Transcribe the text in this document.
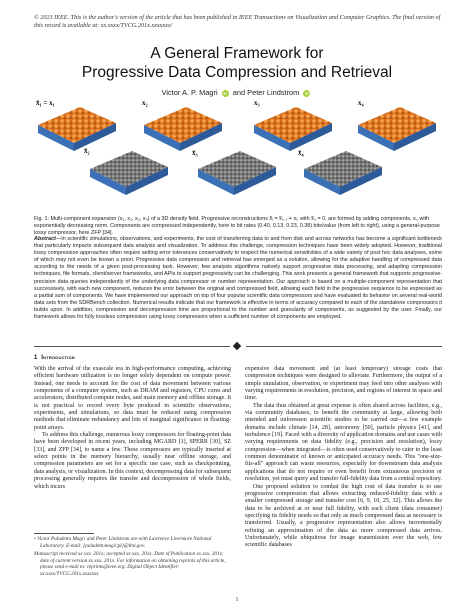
© 2023 IEEE. This is the author's version of the article that has been published in IEEE Transactions on Visualization and Computer Graphics. The final version of this record is available at: xx.xxxx/TVCG.201x.xxxxxxx/
A General Framework for
Progressive Data Compression and Retrieval
Victor A. P. Magri iD and Peter Lindstrom iD
x̃₁ = x₁	x₂	x₃	x₄
x̃₂	x̃₃	x̃₄
Fig. 1: Multi-component expansion (x₁, x₂, x₃, x₄) of a 3D density field. Progressive reconstructions x̃ᵢ = x̃ᵢ₋₁ + xᵢ, with x̃₀ = 0, are formed by adding components, xᵢ, with exponentially decreasing norm. Components are compressed independently, here to bit rates (0.40, 0.13, 0.23, 0.38) bits/value (from left to right), using a general-purpose lossy compressor, here ZFP [34].
Abstract—In scientific simulations, observations, and experiments, the cost of transferring data to and from disk and across networks has become a significant bottleneck that particularly impacts subsequent data analysis and visualization. To address this challenge, compression techniques have been widely adopted. However, traditional lossy compression approaches often require setting error tolerances conservatively to respect the numerical sensitivities of a wide variety of post hoc data analyses, some of which may not even be known a priori. Progressive data compression and retrieval has emerged as a solution, allowing for the adaptive handling of compressed data according to the needs of a given post-processing task. However, few analysis algorithms natively support progressive data processing, and adapting compression techniques, file formats, client/server frameworks, and APIs to support progressivity can be challenging. This work presents a general framework that supports progressive-precision data queries independently of the underlying data compressor or number representation. Our approach is based on a multiple-component representation that successively, with each new component, reduces the error between the original and compressed field, allowing each field in the progressive sequence to be expressed as a partial sum of components. We have implemented our approach on top of four popular scientific data compressors and have evaluated its behavior on several real-world data sets from the SDRBench collection. Numerical results indicate that our framework is effective in terms of accuracy compared to each of the standalone compressors it builds upon. In addition, compression and decompression time are proportional to the number and granularity of components, as suggested by the user. Finally, our framework allows for fully lossless compression using lossy compressors when a sufficient number of components are employed.
1 Introduction

With the arrival of the exascale era in high-performance computing, achieving efficient hardware utilization is no longer solely dependent on compute power. Instead, one needs to account for the cost of data movement between various components of a computer system, such as DRAM and registers, CPU cores and accelerators, distributed compute nodes, and main memory and offline storage. It is not practical to record every byte produced in scientific observations, experiments, and simulations, so data must be reduced using compression methods that eliminate redundancy and bits of marginal significance in floating-point arrays.

To address this challenge, numerous lossy compressors for floating-point data have been developed in recent years, including MGARD [1], SPERR [30], SZ [33], and ZFP [34], to name a few. These compressors are typically inserted at select points in the memory hierarchy, usually near offline storage, and compression parameters are set for a specific use case, such as checkpointing, data analysis, or visualization. In this context, decompressing data for subsequent processing generally requires the transfer and decompression of whole fields, which incurs

• Victor Paludetto Magri and Peter Lindstrom are with Lawrence Livermore National Laboratory. E-mail: {paludettomag1|pl}@llnl.gov.
Manuscript received xx xxx. 201x; accepted xx xxx. 201x. Date of Publication xx xxx. 201x; date of current version xx xxx. 201x. For information on obtaining reprints of this article, please send e-mail to: reprints@ieee.org. Digital Object Identifier: xx.xxxx/TVCG.201x.xxxxxxx

expensive data movement and (at least temporary) storage costs that compression techniques were designed to alleviate. Furthermore, the output of a simple simulation, observation, or experiment may feed into other analyses with varying requirements in resolution, precision, and regions of interest in space and time.

The data thus obtained at great expense is often shared across facilities, e.g., via community databases, to benefit the community at large, allowing both intended and unforeseen scientific studies to be carried out—a few example domains include climate [14, 28], astronomy [50], particle physics [41], and turbulence [19]. Faced with a diversity of application domains and use cases with varying requirements on data fidelity (e.g., precision and resolution), lossy compression—when integrated—is often used conservatively to cater to the least common denominator of known or anticipated accuracy needs. This "one-size-fits-all" approach can waste resources, especially for downstream data analysis applications that do not require or even benefit from extraneous precision or resolution, yet must query and transfer full-fidelity data from a central repository.

One proposed solution to combat the high cost of data transfer is to use progressive compression that allows extracting reduced-fidelity data with a smaller compressed storage and transfer cost [6, 9, 10, 25, 32]. This allows the data to be archived at or near full fidelity, with each client (data consumer) specifying its fidelity needs so that only as much compressed data as necessary is transferred. Usually, a progressive representation also allows incrementally refining an approximation of the data as more compressed data arrives. Unfortunately, while ubiquitous for image transmission over the web, few scientific databases

1
